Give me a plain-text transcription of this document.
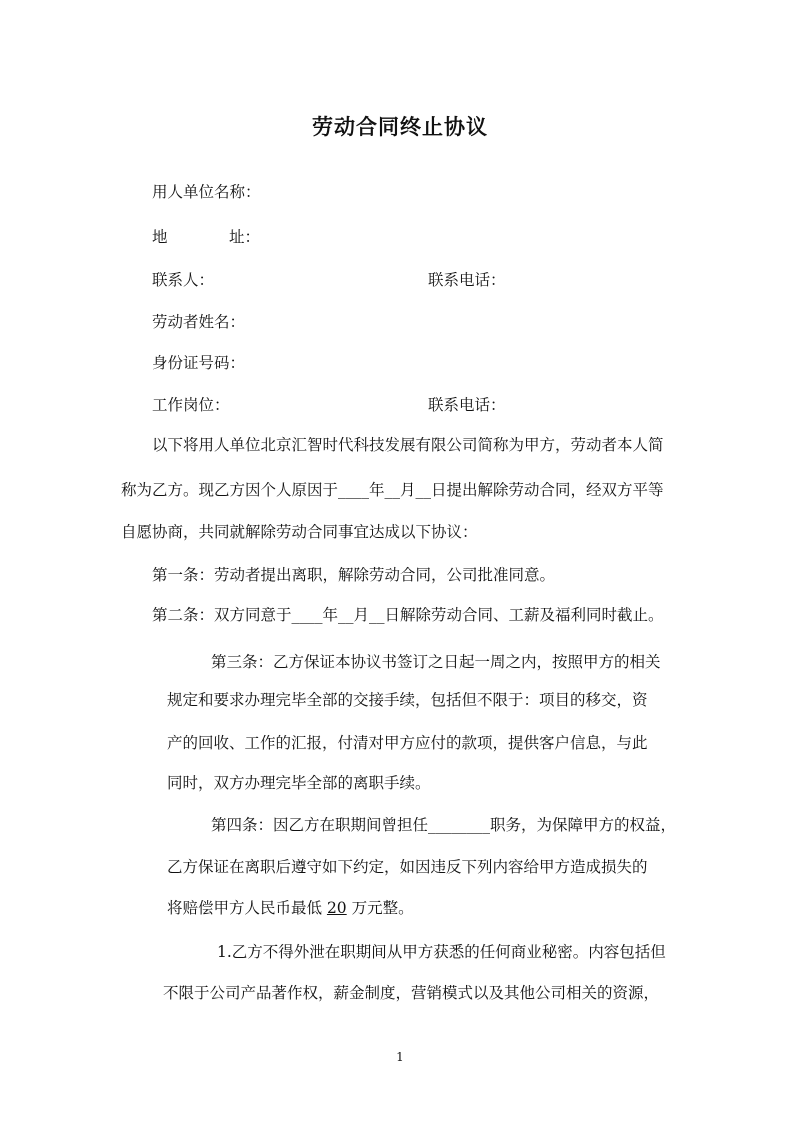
劳动合同终止协议
用人单位名称：
地	址：
联系人：	联系电话：
劳动者姓名：
身份证号码：
工作岗位：	联系电话：
以下将用人单位北京汇智时代科技发展有限公司简称为甲方，劳动者本人简
称为乙方。现乙方因个人原因于____年__月__日提出解除劳动合同，经双方平等
自愿协商，共同就解除劳动合同事宜达成以下协议：
第一条：劳动者提出离职，解除劳动合同，公司批准同意。
第二条：双方同意于____年__月__日解除劳动合同、工薪及福利同时截止。
第三条：乙方保证本协议书签订之日起一周之内，按照甲方的相关
规定和要求办理完毕全部的交接手续，包括但不限于：项目的移交，资
产的回收、工作的汇报，付清对甲方应付的款项，提供客户信息，与此
同时，双方办理完毕全部的离职手续。
第四条：因乙方在职期间曾担任________职务，为保障甲方的权益，
乙方保证在离职后遵守如下约定，如因违反下列内容给甲方造成损失的
将赔偿甲方人民币最低 20 万元整。
1.乙方不得外泄在职期间从甲方获悉的任何商业秘密。内容包括但
不限于公司产品著作权，薪金制度，营销模式以及其他公司相关的资源，
1
